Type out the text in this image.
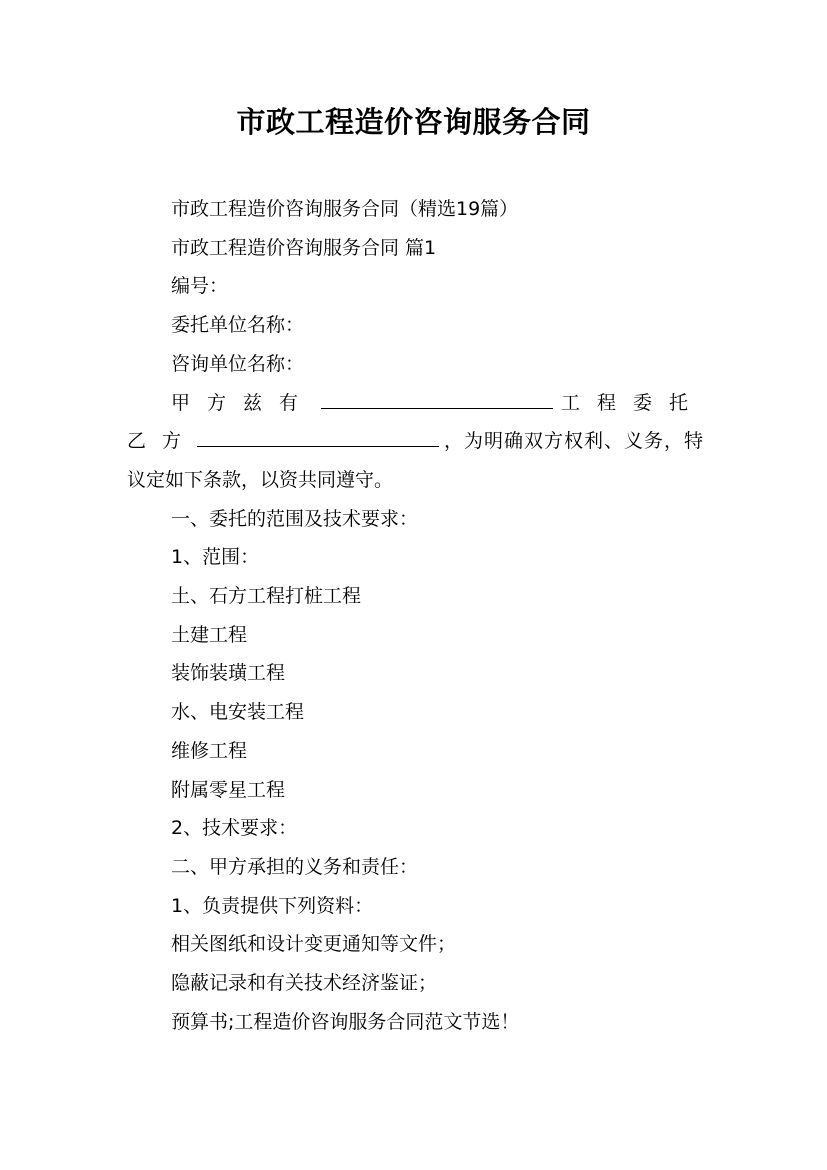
市政工程造价咨询服务合同

市政工程造价咨询服务合同（精选19篇）

市政工程造价咨询服务合同 篇1

编号：

委托单位名称：

咨询单位名称：

甲方兹有	工程委托乙方	，为明确双方权利、义务，特议定如下条款，以资共同遵守。

一、委托的范围及技术要求：

1、范围：

土、石方工程打桩工程

土建工程

装饰装璜工程

水、电安装工程

维修工程

附属零星工程

2、技术要求：

二、甲方承担的义务和责任：

1、负责提供下列资料：

相关图纸和设计变更通知等文件；

隐蔽记录和有关技术经济鉴证；

预算书;工程造价咨询服务合同范文节选！
